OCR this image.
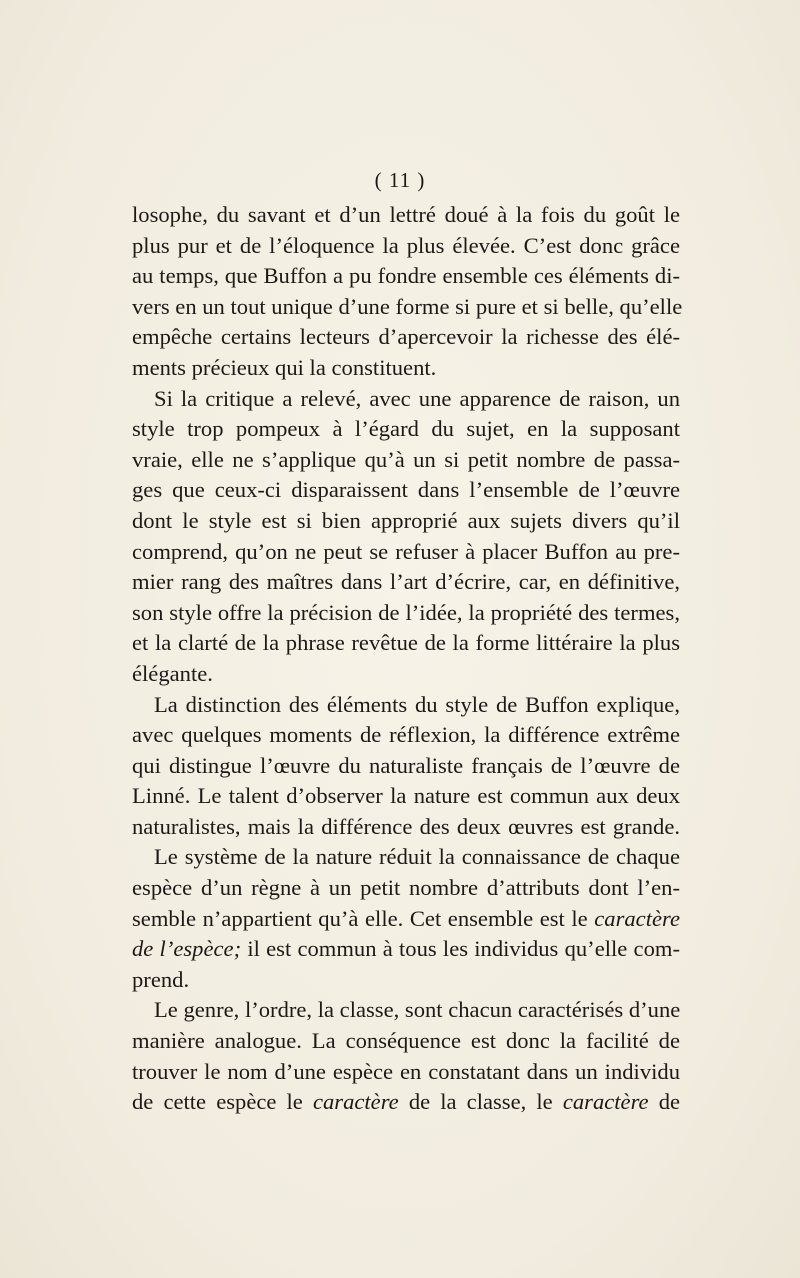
( 11 )
losophe, du savant et d’un lettré doué à la fois du goût le
plus pur et de l’éloquence la plus élevée. C’est donc grâce
au temps, que Buffon a pu fondre ensemble ces éléments di-
vers en un tout unique d’une forme si pure et si belle, qu’elle
empêche certains lecteurs d’apercevoir la richesse des élé-
ments précieux qui la constituent.
Si la critique a relevé, avec une apparence de raison, un
style trop pompeux à l’égard du sujet, en la supposant
vraie, elle ne s’applique qu’à un si petit nombre de passa-
ges que ceux-ci disparaissent dans l’ensemble de l’œuvre
dont le style est si bien approprié aux sujets divers qu’il
comprend, qu’on ne peut se refuser à placer Buffon au pre-
mier rang des maîtres dans l’art d’écrire, car, en définitive,
son style offre la précision de l’idée, la propriété des termes,
et la clarté de la phrase revêtue de la forme littéraire la plus
élégante.
La distinction des éléments du style de Buffon explique,
avec quelques moments de réflexion, la différence extrême
qui distingue l’œuvre du naturaliste français de l’œuvre de
Linné. Le talent d’observer la nature est commun aux deux
naturalistes, mais la différence des deux œuvres est grande.
Le système de la nature réduit la connaissance de chaque
espèce d’un règne à un petit nombre d’attributs dont l’en-
semble n’appartient qu’à elle. Cet ensemble est le caractère
de l’espèce; il est commun à tous les individus qu’elle com-
prend.
Le genre, l’ordre, la classe, sont chacun caractérisés d’une
manière analogue. La conséquence est donc la facilité de
trouver le nom d’une espèce en constatant dans un individu
de cette espèce le caractère de la classe, le caractère de
